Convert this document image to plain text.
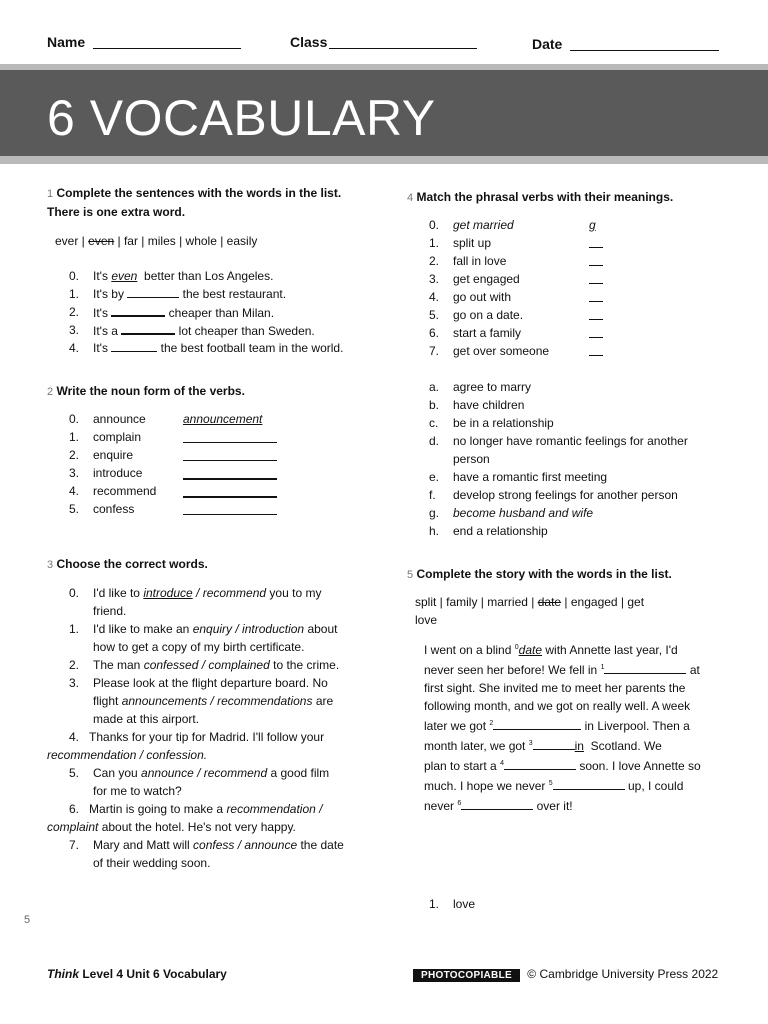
Name	Class	Date
6 VOCABULARY
1 Complete the sentences with the words in the list.
There is one extra word.
ever | even | far | miles | whole | easily
0.	It's even better than Los Angeles.
1.	It's by	the best restaurant.
2.	It's	cheaper than Milan.
3.	It's a	lot cheaper than Sweden.
4.	It's	the best football team in the world.
2 Write the noun form of the verbs.
0.	announce	announcement
1.	complain
2.	enquire
3.	introduce
4.	recommend
5.	confess
3 Choose the correct words.
0.	I'd like to introduce / recommend you to my
friend.
1.	I'd like to make an enquiry / introduction about
how to get a copy of my birth certificate.
2.	The man confessed / complained to the crime.
3.	Please look at the flight departure board. No
flight announcements / recommendations are
made at this airport.
4. Thanks for your tip for Madrid. I'll follow your
recommendation / confession.
5.	Can you announce / recommend a good film
for me to watch?
6. Martin is going to make a recommendation /
complaint about the hotel. He's not very happy.
7.	Mary and Matt will confess / announce the date
of their wedding soon.
4 Match the phrasal verbs with their meanings.
0.	get married	g
1.	split up
2.	fall in love
3.	get engaged
4.	go out with
5.	go on a date.
6.	start a family
7.	get over someone
a.	agree to marry
b.	have children
c.	be in a relationship
d.	no longer have romantic feelings for another
person
e.	have a romantic first meeting
f.	develop strong feelings for another person
g.	become husband and wife
h.	end a relationship
5 Complete the story with the words in the list.
split | family | married | date | engaged | get
love
I went on a blind $^0$date with Annette last year, I'd
never seen her before! We fell in $^1$	at
first sight. She invited me to meet her parents the
following month, and we got on really well. A week
later we got $^2$	in Liverpool. Then a
month later, we got $^3$	in Scotland. We
plan to start a $^4$	soon. I love Annette so
much. I hope we never $^5$	up, I could
never $^6$	over it!
1.	love
5
Think Level 4 Unit 6 Vocabulary	PHOTOCOPIABLE © Cambridge University Press 2022
